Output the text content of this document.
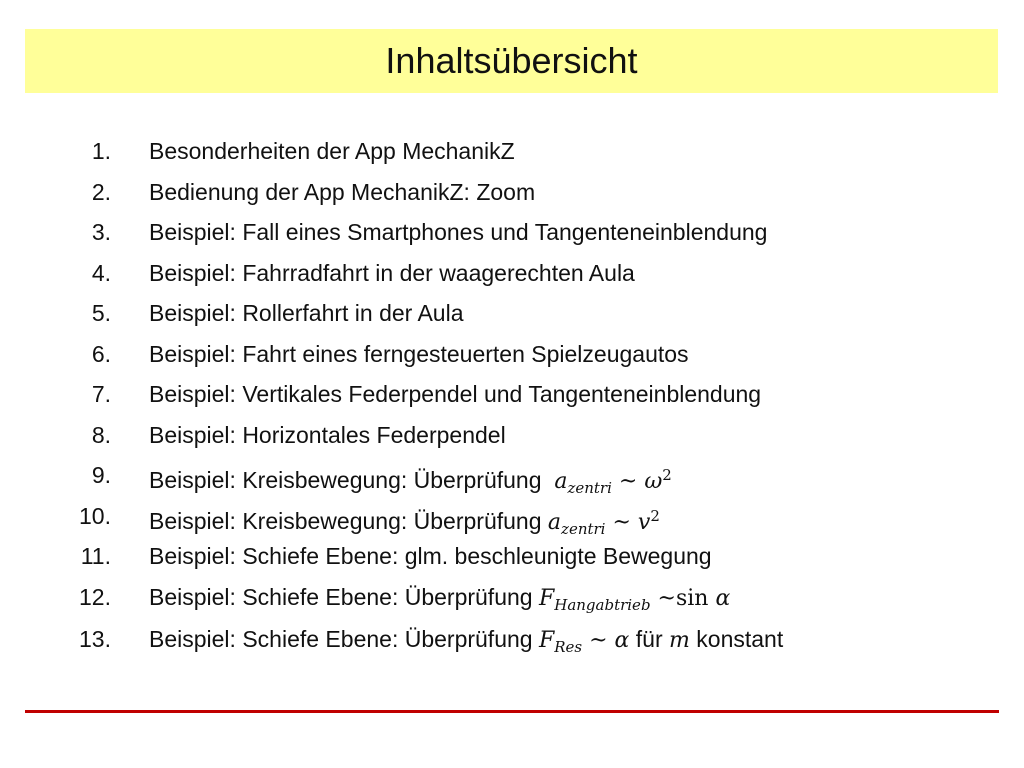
Inhaltsübersicht
1. Besonderheiten der App MechanikZ
2. Bedienung der App MechanikZ: Zoom
3. Beispiel: Fall eines Smartphones und Tangenteneinblendung
4. Beispiel: Fahrradfahrt in der waagerechten Aula
5. Beispiel: Rollerfahrt in der Aula
6. Beispiel: Fahrt eines ferngesteuerten Spielzeugautos
7. Beispiel: Vertikales Federpendel und Tangenteneinblendung
8. Beispiel: Horizontales Federpendel
9. Beispiel: Kreisbewegung: Überprüfung $a_{zentri}$ ~ $\omega^2$
10. Beispiel: Kreisbewegung: Überprüfung $a_{zentri}$ ~ $v^2$
11. Beispiel: Schiefe Ebene: glm. beschleunigte Bewegung
12. Beispiel: Schiefe Ebene: Überprüfung $F_{Hangabtrieb}$ ~sin α
13. Beispiel: Schiefe Ebene: Überprüfung $F_{Res}$ ~ α für m konstant
